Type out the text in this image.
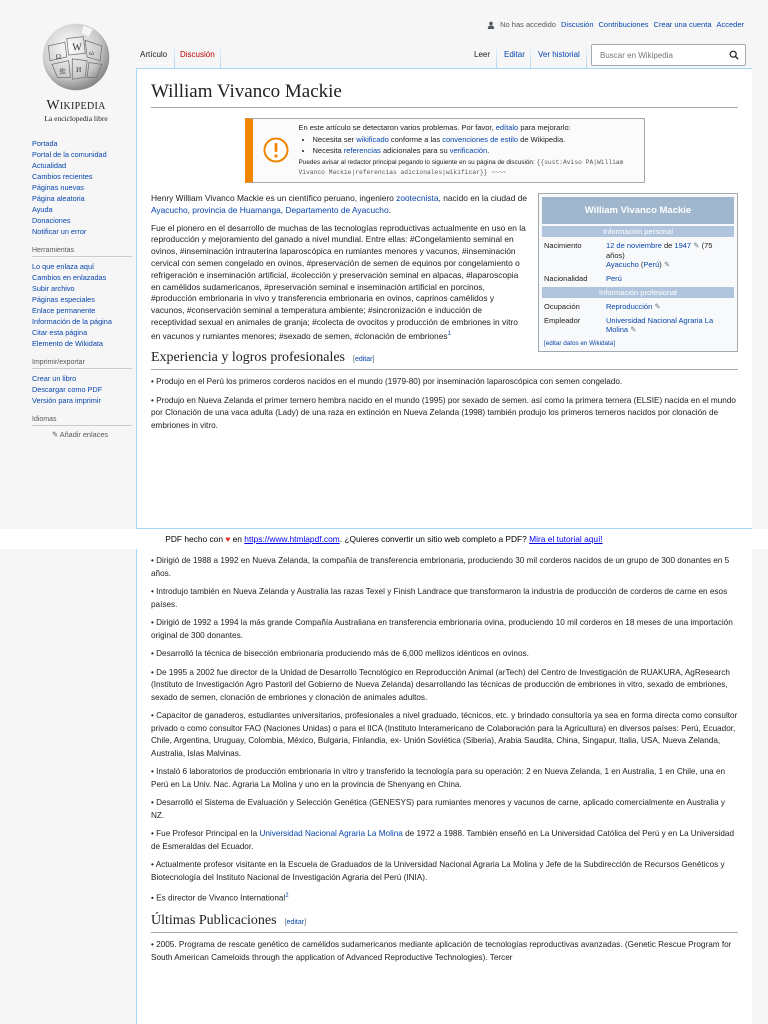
No has accedido Discusión Contribuciones Crear una cuenta Acceder
W
Ω	ω
И
維
Wikipedia
La enciclopedia libre
Portada
Portal de la comunidad
Actualidad
Cambios recientes
Páginas nuevas
Página aleatoria
Ayuda
Donaciones
Notificar un error
Herramientas
Lo que enlaza aquí
Cambios en enlazadas
Subir archivo
Páginas especiales
Enlace permanente
Información de la página
Citar esta página
Elemento de Wikidata
Imprimir/exportar
Crear un libro
Descargar como PDF
Versión para imprimir
Idiomas
✎ Añadir enlaces
Artículo	Discusión	Leer	Editar	Ver historial
Buscar en Wikipedia
William Vivanco Mackie
En este artículo se detectaron varios problemas. Por favor, edítalo para mejorarlo:
• Necesita ser wikificado conforme a las convenciones de estilo de Wikipedia.
• Necesita referencias adicionales para su verificación.
Puedes avisar al redactor principal pegando lo siguiente en su página de discusión: {{sust:Aviso PA|William Vivanco Mackie|referencias adicionales|wikificar}} ~~~~
William Vivanco Mackie
Información personal
Nacimiento	12 de noviembre de 1947 ✎ (75 años)
Ayacucho (Perú) ✎
Nacionalidad	Perú
Información profesional
Ocupación	Reproducción ✎
Empleador	Universidad Nacional Agraria La Molina ✎
[editar datos en Wikidata]

Henry William Vivanco Mackie es un científico peruano, ingeniero zootecnista, nacido en la ciudad de Ayacucho, provincia de Huamanga, Departamento de Ayacucho.

Fue el pionero en el desarrollo de muchas de las tecnologías reproductivas actualmente en uso en la reproducción y mejoramiento del ganado a nivel mundial. Entre ellas: #Congelamiento seminal en ovinos, #inseminación intrauterina laparoscópica en rumiantes menores y vacunos, #inseminación cervical con semen congelado en ovinos, #preservación de semen de equinos por congelamiento o refrigeración e inseminación artificial, #colección y preservación seminal en alpacas, #laparoscopia en camélidos sudamericanos, #preservación seminal e inseminación artificial en porcinos, #producción embrionaria in vivo y transferencia embrionaria en ovinos, caprinos camélidos y vacunos, #conservación seminal a temperatura ambiente; #sincronización e inducción de receptividad sexual en animales de granja; #colecta de ovocitos y producción de embriones in vitro en vacunos y rumiantes menores; #sexado de semen, #clonación de embriones$^1$

Experiencia y logros profesionales [editar]

• Produjo en el Perú los primeros corderos nacidos en el mundo (1979-80) por inseminación laparoscópica con semen congelado.

• Produjo en Nueva Zelanda el primer ternero hembra nacido en el mundo (1995) por sexado de semen. así como la primera ternera (ELSIE) nacida en el mundo por Clonación de una vaca adulta (Lady) de una raza en extinción en Nueva Zelanda (1998) también produjo los primeros terneros nacidos por clonación de embriones in vitro.

PDF hecho con ♥ en https://www.htmlapdf.com. ¿Quieres convertir un sitio web completo a PDF? Mira el tutorial aquí!

• Dirigió de 1988 a 1992 en Nueva Zelanda, la compañía de transferencia embrionaria, produciendo 30 mil corderos nacidos de un grupo de 300 donantes en 5 años.

• Introdujo también en Nueva Zelanda y Australia las razas Texel y Finish Landrace que transformaron la industria de producción de corderos de carne en esos países.

• Dirigió de 1992 a 1994 la más grande Compañía Australiana en transferencia embrionaria ovina, produciendo 10 mil corderos en 18 meses de una importación original de 300 donantes.

• Desarrolló la técnica de bisección embrionaria produciendo más de 6,000 mellizos idénticos en ovinos.

• De 1995 a 2002 fue director de la Unidad de Desarrollo Tecnológico en Reproducción Animal (arTech) del Centro de Investigación de RUAKURA, AgResearch (Instituto de Investigación Agro Pastoril del Gobierno de Nueva Zelanda) desarrollando las técnicas de producción de embriones in vitro, sexado de embriones, sexado de semen, clonación de embriones y clonación de animales adultos.

• Capacitor de ganaderos, estudiantes universitarios, profesionales a nivel graduado, técnicos, etc. y brindado consultoría ya sea en forma directa como consultor privado o como consultor FAO (Naciones Unidas) o para el IICA (Instituto Interamericano de Colaboración para la Agricultura) en diversos países: Perú, Ecuador, Chile, Argentina, Uruguay, Colombia, México, Bulgaria, Finlandia, ex- Unión Soviética (Siberia), Arabia Saudita, China, Singapur, Italia, USA, Nueva Zelanda, Australia, Islas Malvinas.

• Instaló 6 laboratorios de producción embrionaria in vitro y transferido la tecnología para su operación: 2 en Nueva Zelanda, 1 en Australia, 1 en Chile, una en Perú en La Univ. Nac. Agraria La Molina y uno en la provincia de Shenyang en China.

• Desarrolló el Sistema de Evaluación y Selección Genética (GENESYS) para rumiantes menores y vacunos de carne, aplicado comercialmente en Australia y NZ.

• Fue Profesor Principal en la Universidad Nacional Agraria La Molina de 1972 a 1988. También enseñó en La Universidad Católica del Perú y en La Universidad de Esmeraldas del Ecuador.

• Actualmente profesor visitante en la Escuela de Graduados de la Universidad Nacional Agraria La Molina y Jefe de la Subdirección de Recursos Genéticos y Biotecnología del Instituto Nacional de Investigación Agraria del Perú (INIA).

• Es director de Vivanco International$^2$

Últimas Publicaciones [editar]

• 2005. Programa de rescate genético de camélidos sudamericanos mediante aplicación de tecnologías reproductivas avanzadas. (Genetic Rescue Program for South American Cameloids through the application of Advanced Reproductive Technologies). Tercer
